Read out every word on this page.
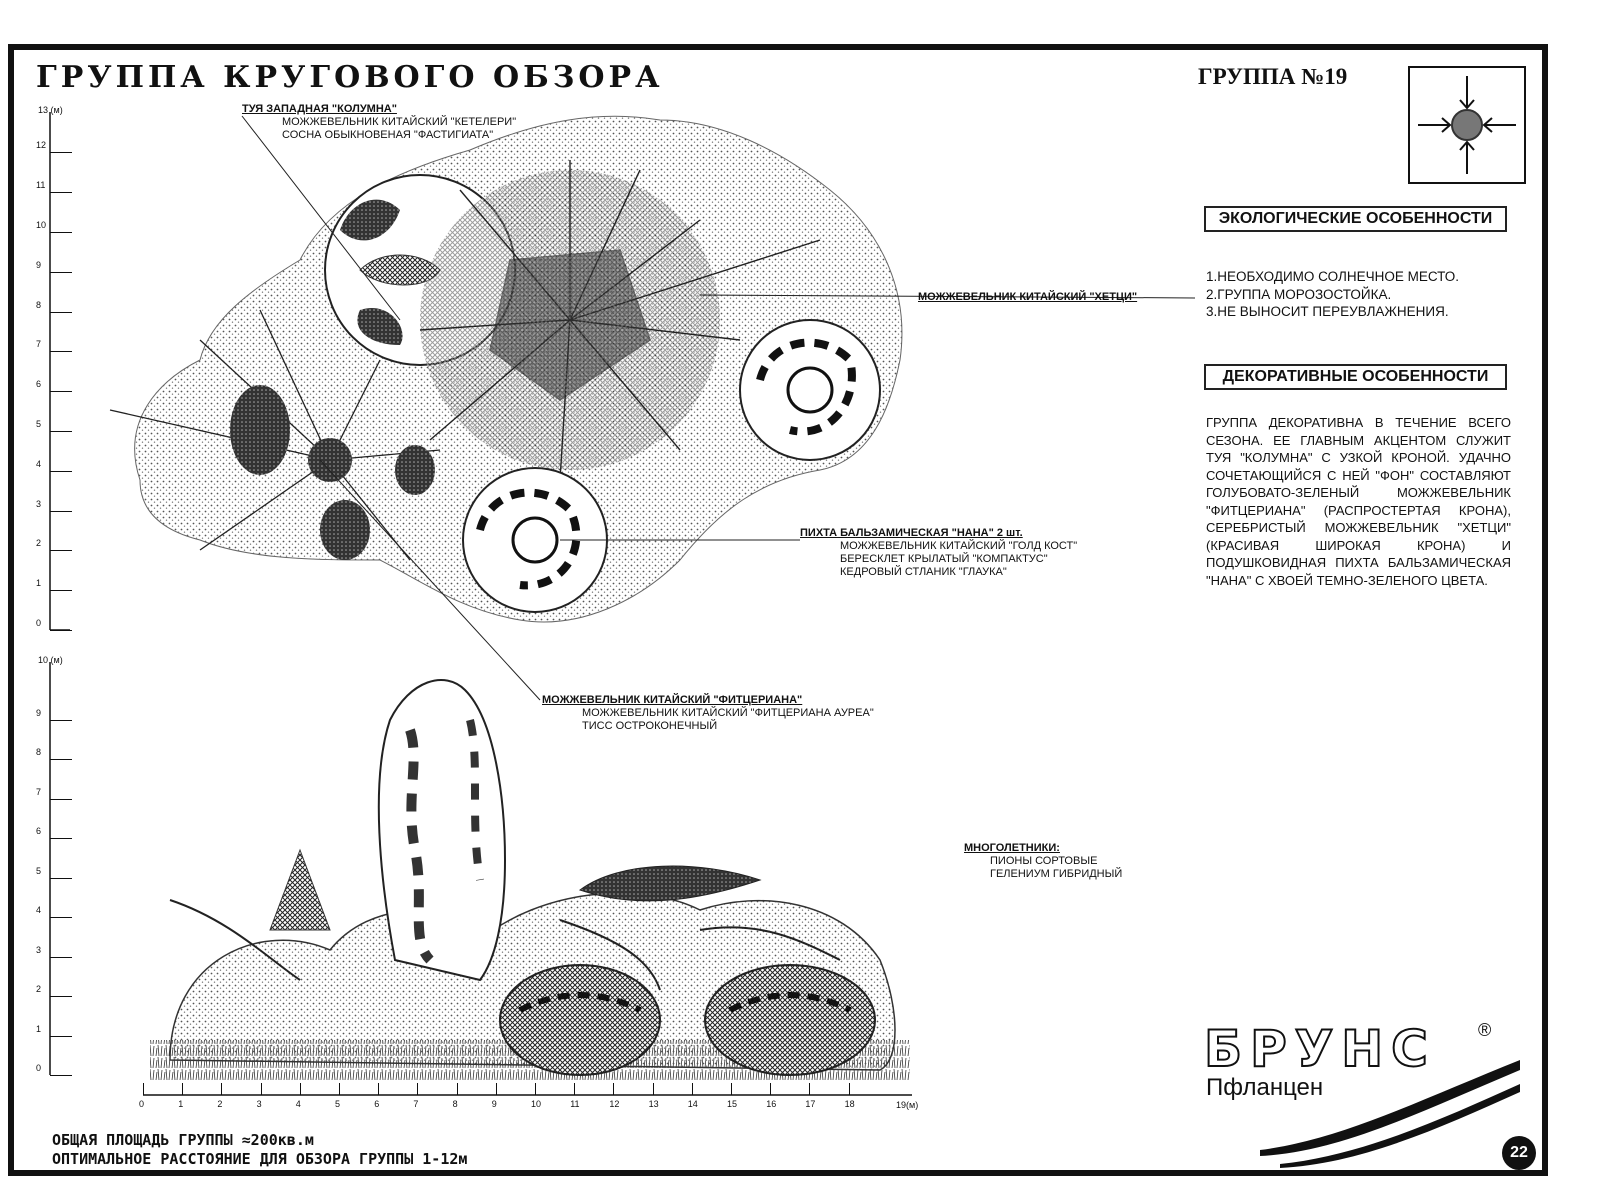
ГРУППА КРУГОВОГО ОБЗОРА	ГРУППА №19
ЭКОЛОГИЧЕСКИЕ ОСОБЕННОСТИ
1.НЕОБХОДИМО СОЛНЕЧНОЕ МЕСТО.
2.ГРУППА МОРОЗОСТОЙКА.
3.НЕ ВЫНОСИТ ПЕРЕУВЛАЖНЕНИЯ.
ДЕКОРАТИВНЫЕ ОСОБЕННОСТИ
ГРУППА ДЕКОРАТИВНА В ТЕЧЕНИЕ ВСЕГО СЕЗОНА. ЕЕ ГЛАВНЫМ АКЦЕНТОМ СЛУЖИТ ТУЯ "КОЛУМНА" С УЗКОЙ КРОНОЙ. УДАЧНО СОЧЕТАЮЩИЙСЯ С НЕЙ "ФОН" СОСТАВЛЯЮТ ГОЛУБОВАТО-ЗЕЛЕНЫЙ МОЖЖЕВЕЛЬНИК "ФИТЦЕРИАНА" (РАСПРОСТЕРТАЯ КРОНА), СЕРЕБРИСТЫЙ МОЖЖЕВЕЛЬНИК "ХЕТЦИ" (КРАСИВАЯ ШИРОКАЯ КРОНА) И ПОДУШКОВИДНАЯ ПИХТА БАЛЬЗАМИЧЕСКАЯ "НАНА" С ХВОЕЙ ТЕМНО-ЗЕЛЕНОГО ЦВЕТА.
0
1
2
3
4
5
6
7
8
9
10
11
12
0
1
2
3
4
5
6
7
8
9
0	1	2	3	4	5	6	7	8	9	10	11	12	13	14	15	16	17	18
13 (м)
10 (м)
19(м)
ТУЯ ЗАПАДНАЯ "КОЛУМНА"
МОЖЖЕВЕЛЬНИК КИТАЙСКИЙ "КЕТЕЛЕРИ"
СОСНА ОБЫКНОВЕНАЯ "ФАСТИГИАТА"
МОЖЖЕВЕЛЬНИК КИТАЙСКИЙ "ХЕТЦИ"
ПИХТА БАЛЬЗАМИЧЕСКАЯ "НАНА" 2 шт.
МОЖЖЕВЕЛЬНИК КИТАЙСКИЙ "ГОЛД КОСТ"
БЕРЕСКЛЕТ КРЫЛАТЫЙ "КОМПАКТУС"
КЕДРОВЫЙ СТЛАНИК "ГЛАУКА"
МОЖЖЕВЕЛЬНИК КИТАЙСКИЙ "ФИТЦЕРИАНА"
МОЖЖЕВЕЛЬНИК КИТАЙСКИЙ "ФИТЦЕРИАНА АУРЕА"
ТИСС ОСТРОКОНЕЧНЫЙ
МНОГОЛЕТНИКИ:
ПИОНЫ СОРТОВЫЕ
ГЕЛЕНИУМ ГИБРИДНЫЙ
ОБЩАЯ ПЛОЩАДЬ ГРУППЫ ≈200кв.м
ОПТИМАЛЬНОЕ РАССТОЯНИЕ ДЛЯ ОБЗОРА ГРУППЫ 1-12м
БРУНС ®
Пфланцен
22
